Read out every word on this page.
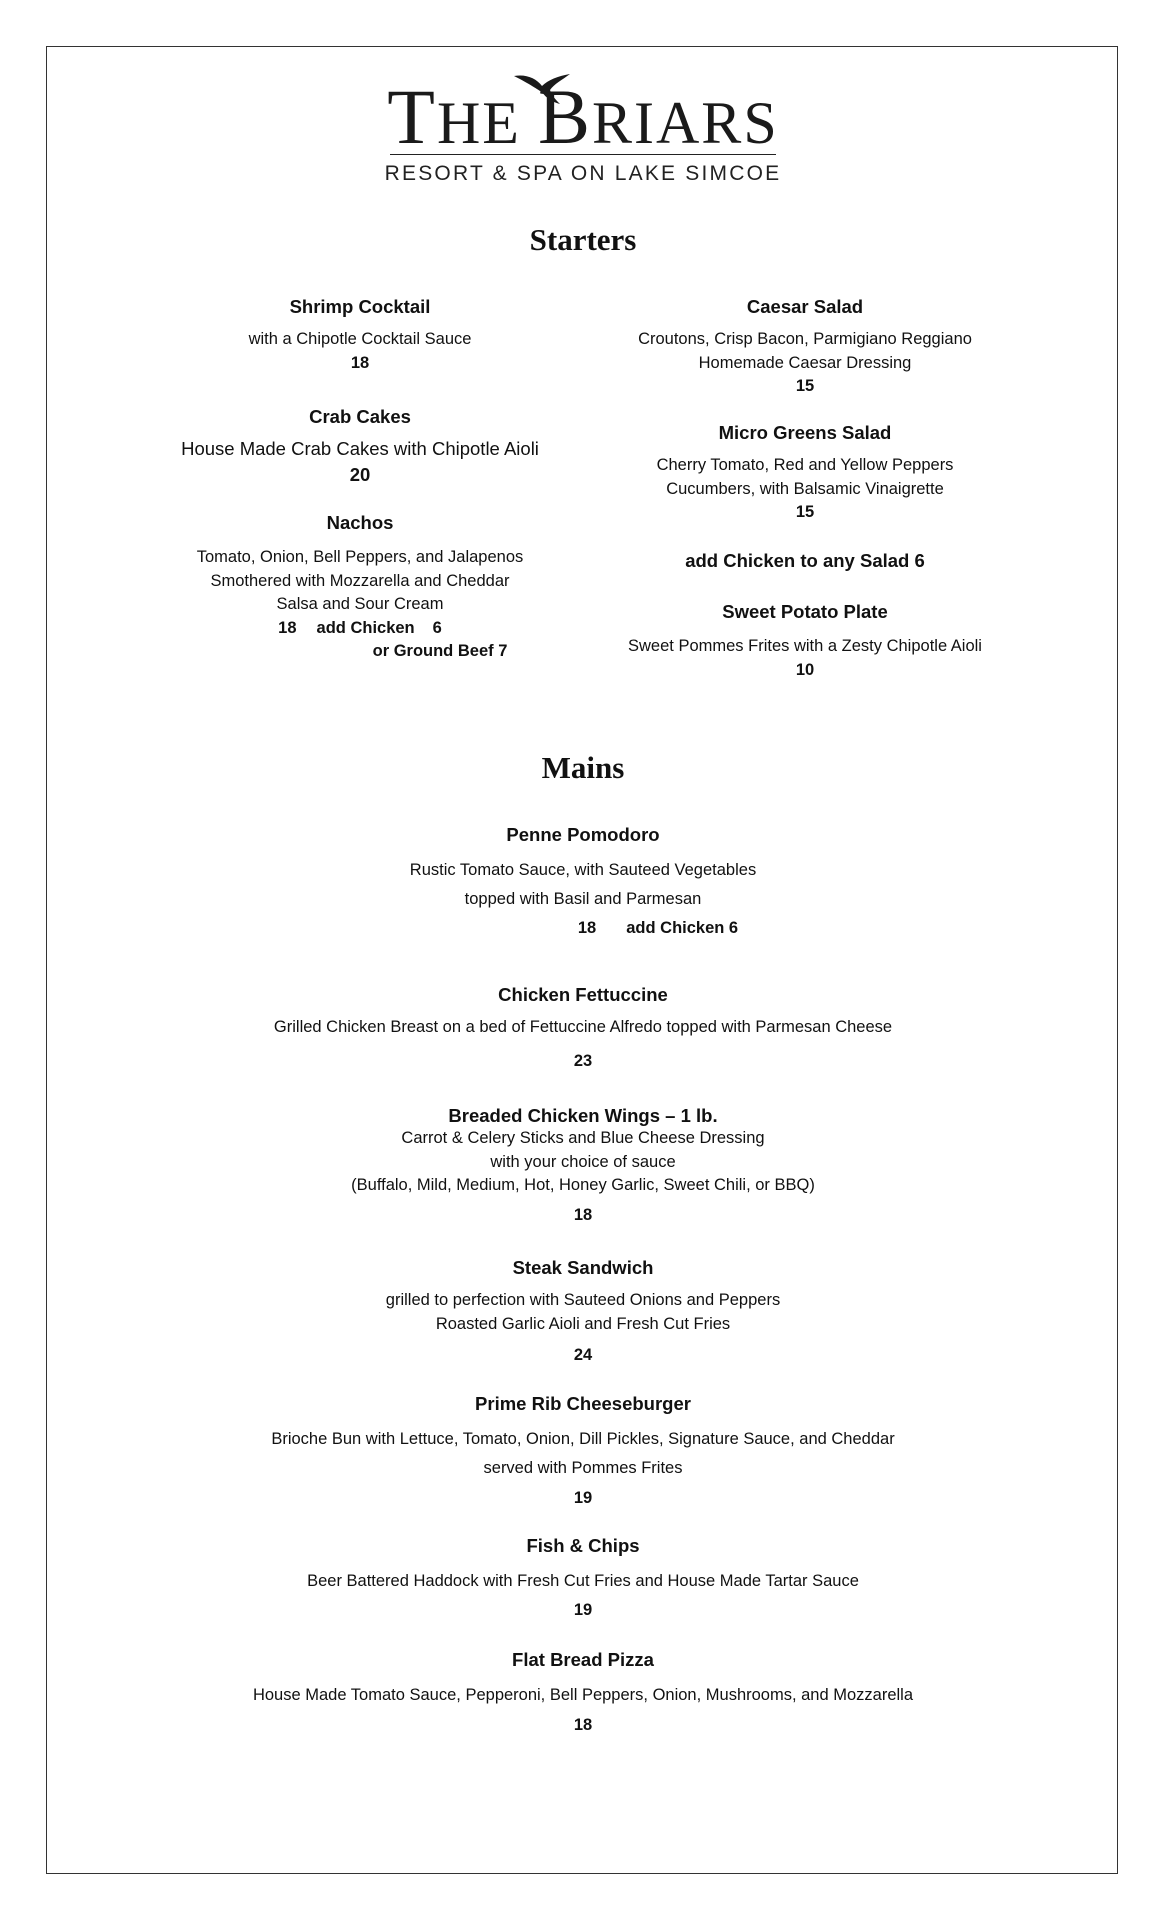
THE BRIARS
RESORT & SPA ON LAKE SIMCOE
Starters

Shrimp Cocktail

with a Chipotle Cocktail Sauce

18

Crab Cakes

House Made Crab Cakes with Chipotle Aioli

20

Nachos

Tomato, Onion, Bell Peppers, and Jalapenos

Smothered with Mozzarella and Cheddar

Salsa and Sour Cream

18 add Chicken 6

or Ground Beef 7

Caesar Salad

Croutons, Crisp Bacon, Parmigiano Reggiano

Homemade Caesar Dressing

15

Micro Greens Salad

Cherry Tomato, Red and Yellow Peppers

Cucumbers, with Balsamic Vinaigrette

15

add Chicken to any Salad 6

Sweet Potato Plate

Sweet Pommes Frites with a Zesty Chipotle Aioli

10

Mains

Penne Pomodoro

Rustic Tomato Sauce, with Sauteed Vegetables

topped with Basil and Parmesan

18 add Chicken 6

Chicken Fettuccine

Grilled Chicken Breast on a bed of Fettuccine Alfredo topped with Parmesan Cheese

23

Breaded Chicken Wings – 1 lb.

Carrot & Celery Sticks and Blue Cheese Dressing

with your choice of sauce

(Buffalo, Mild, Medium, Hot, Honey Garlic, Sweet Chili, or BBQ)

18

Steak Sandwich

grilled to perfection with Sauteed Onions and Peppers

Roasted Garlic Aioli and Fresh Cut Fries

24

Prime Rib Cheeseburger

Brioche Bun with Lettuce, Tomato, Onion, Dill Pickles, Signature Sauce, and Cheddar

served with Pommes Frites

19

Fish & Chips

Beer Battered Haddock with Fresh Cut Fries and House Made Tartar Sauce

19

Flat Bread Pizza

House Made Tomato Sauce, Pepperoni, Bell Peppers, Onion, Mushrooms, and Mozzarella

18
